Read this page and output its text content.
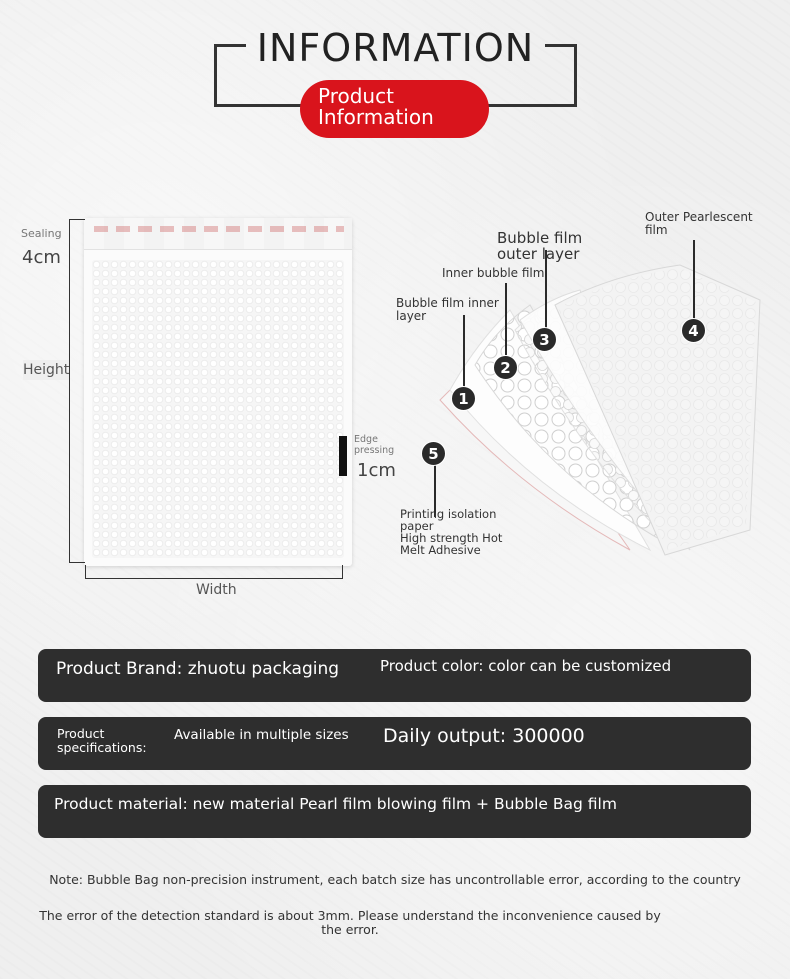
INFORMATION
Product
Information
Sealing
4cm
Height
Width
Edge
pressing
1cm
1
2
3	4
5
Outer Pearlescent
film
Bubble film
outer layer
Inner bubble film
Bubble film inner
layer
Printing isolation
paper
High strength Hot
Melt Adhesive
Product Brand: zhuotu packaging	Product color: color can be customized
Product
specifications:
Available in multiple sizes Daily output: 300000
Product material: new material Pearl film blowing film + Bubble Bag film
Note: Bubble Bag non-precision instrument, each batch size has uncontrollable error, according to the country
The error of the detection standard is about 3mm. Please understand the inconvenience caused by
the error.
